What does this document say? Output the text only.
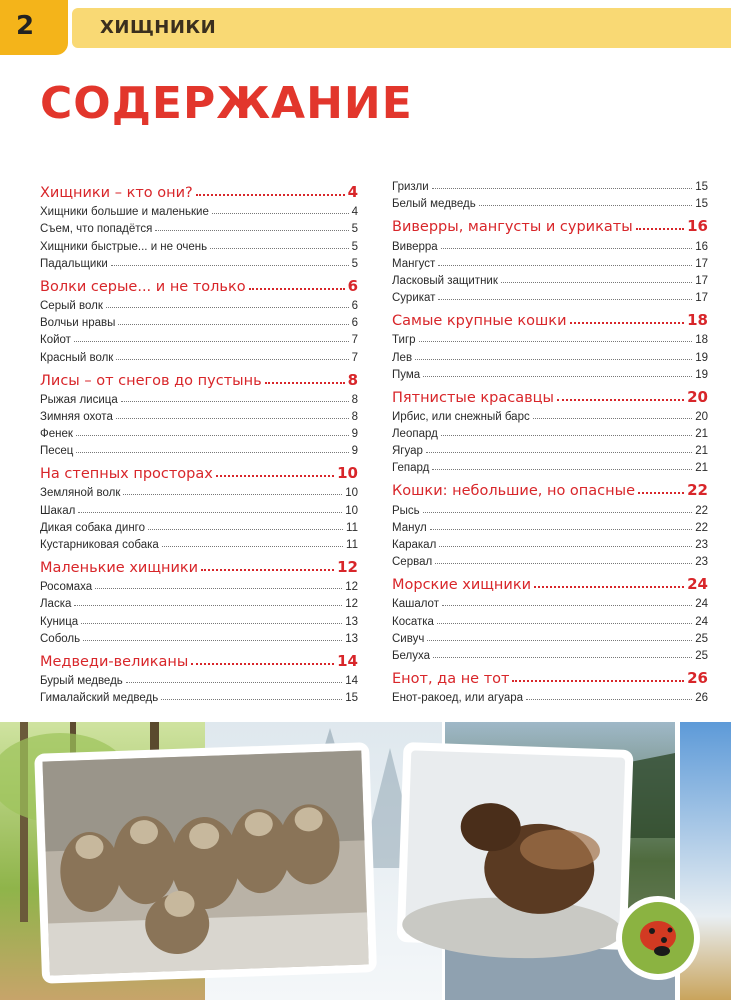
2	ХИЩНИКИ
СОДЕРЖАНИЕ
Хищники – кто они?	4
Хищники большие и маленькие	4
Съем, что попадётся	5
Хищники быстрые... и не очень	5
Падальщики	5
Волки серые... и не только	6
Серый волк	6
Волчьи нравы	6
Койот	7
Красный волк	7
Лисы – от снегов до пустынь	8
Рыжая лисица	8
Зимняя охота	8
Фенек	9
Песец	9
На степных просторах	10
Земляной волк	10
Шакал	10
Дикая собака динго	11
Кустарниковая собака	11
Маленькие хищники	12
Росомаха	12
Ласка	12
Куница	13
Соболь	13
Медведи-великаны	14
Бурый медведь	14
Гималайский медведь	15
Гризли	15
Белый медведь	15
Виверры, мангусты и сурикаты	16
Виверра	16
Мангуст	17
Ласковый защитник	17
Сурикат	17
Самые крупные кошки	18
Тигр	18
Лев	19
Пума	19
Пятнистые красавцы	20
Ирбис, или снежный барс	20
Леопард	21
Ягуар	21
Гепард	21
Кошки: небольшие, но опасные	22
Рысь	22
Манул	22
Каракал	23
Сервал	23
Морские хищники	24
Кашалот	24
Косатка	24
Сивуч	25
Белуха	25
Енот, да не тот	26
Енот-ракоед, или агуара	26
